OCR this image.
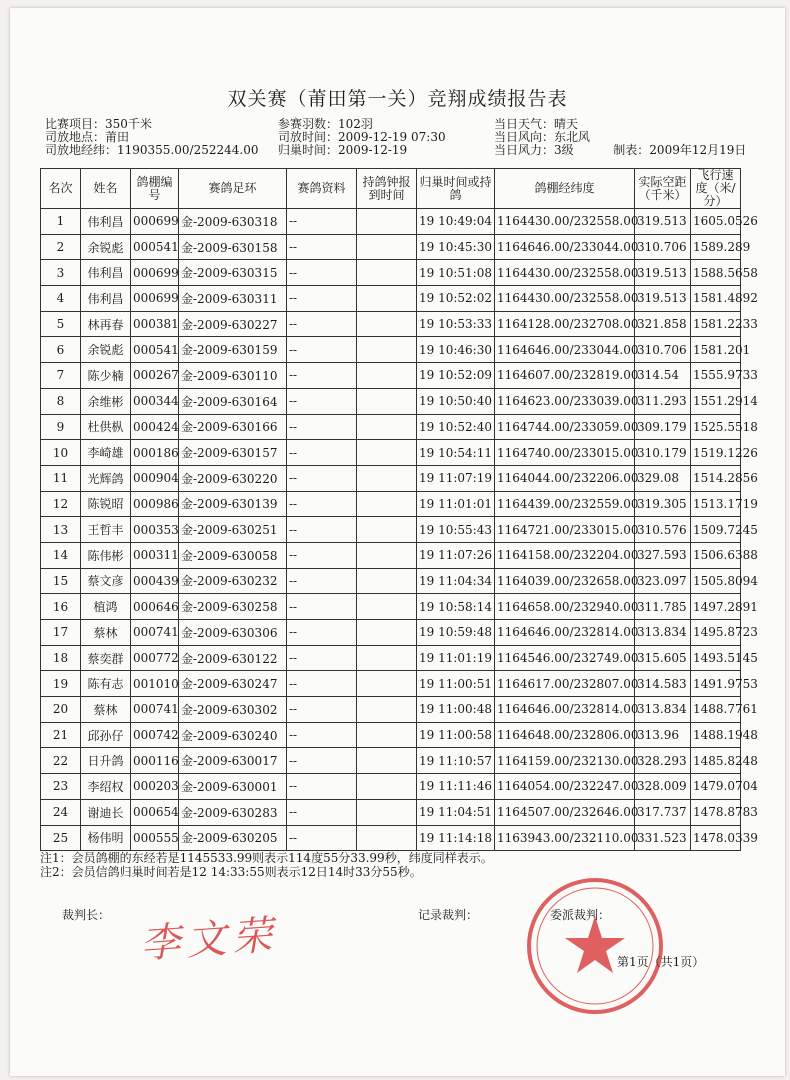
双关赛（莆田第一关）竞翔成绩报告表
比赛项目：350千米
司放地点：莆田
司放地经纬：1190355.00/252244.00
参赛羽数：102羽
司放时间：2009-12-19 07:30
归巢时间：2009-12-19
当日天气：晴天
当日风向：东北风
当日风力：3级	制表：2009年12月19日
名次	姓名	鸽棚编号	赛鸽足环	赛鸽资料	持鸽钟报到时间	归巢时间或持鸽	鸽棚经纬度	实际空距（千米）	飞行速度（米/分）
1	伟利昌	000699	金-2009-630318	--		19 10:49:04	1164430.00/232558.00	319.513	1605.0526
2	余锐彪	000541	金-2009-630158	--		19 10:45:30	1164646.00/233044.00	310.706	1589.289
3	伟利昌	000699	金-2009-630315	--		19 10:51:08	1164430.00/232558.00	319.513	1588.5658
4	伟利昌	000699	金-2009-630311	--		19 10:52:02	1164430.00/232558.00	319.513	1581.4892
5	林再春	000381	金-2009-630227	--		19 10:53:33	1164128.00/232708.00	321.858	1581.2233
6	余锐彪	000541	金-2009-630159	--		19 10:46:30	1164646.00/233044.00	310.706	1581.201
7	陈少楠	000267	金-2009-630110	--		19 10:52:09	1164607.00/232819.00	314.54	1555.9733
8	余维彬	000344	金-2009-630164	--		19 10:50:40	1164623.00/233039.00	311.293	1551.2914
9	杜供枞	000424	金-2009-630166	--		19 10:52:40	1164744.00/233059.00	309.179	1525.5518
10	李崎雄	000186	金-2009-630157	--		19 10:54:11	1164740.00/233015.00	310.179	1519.1226
11	光辉鸽	000904	金-2009-630220	--		19 11:07:19	1164044.00/232206.00	329.08	1514.2856
12	陈锐昭	000986	金-2009-630139	--		19 11:01:01	1164439.00/232559.00	319.305	1513.1719
13	王哲丰	000353	金-2009-630251	--		19 10:55:43	1164721.00/233015.00	310.576	1509.7245
14	陈伟彬	000311	金-2009-630058	--		19 11:07:26	1164158.00/232204.00	327.593	1506.6388
15	蔡文彦	000439	金-2009-630232	--		19 11:04:34	1164039.00/232658.00	323.097	1505.8094
16	植鸿	000646	金-2009-630258	--		19 10:58:14	1164658.00/232940.00	311.785	1497.2891
17	蔡林	000741	金-2009-630306	--		19 10:59:48	1164646.00/232814.00	313.834	1495.8723
18	蔡奕群	000772	金-2009-630122	--		19 11:01:19	1164546.00/232749.00	315.605	1493.5145
19	陈有志	001010	金-2009-630247	--		19 11:00:51	1164617.00/232807.00	314.583	1491.9753
20	蔡林	000741	金-2009-630302	--		19 11:00:48	1164646.00/232814.00	313.834	1488.7761
21	邱孙仔	000742	金-2009-630240	--		19 11:00:58	1164648.00/232806.00	313.96	1488.1948
22	日升鸽	000116	金-2009-630017	--		19 11:10:57	1164159.00/232130.00	328.293	1485.8248
23	李绍权	000203	金-2009-630001	--		19 11:11:46	1164054.00/232247.00	328.009	1479.0704
24	谢迪长	000654	金-2009-630283	--		19 11:04:51	1164507.00/232646.00	317.737	1478.8783
25	杨伟明	000555	金-2009-630205	--		19 11:14:18	1163943.00/232110.00	331.523	1478.0339
注1：会员鸽棚的东经若是1145533.99则表示114度55分33.99秒，纬度同样表示。
注2：会员信鸽归巢时间若是12 14:33:55则表示12日14时33分55秒。
裁判长：	记录裁判：	委派裁判：
李文荣	第1页（共1页）
